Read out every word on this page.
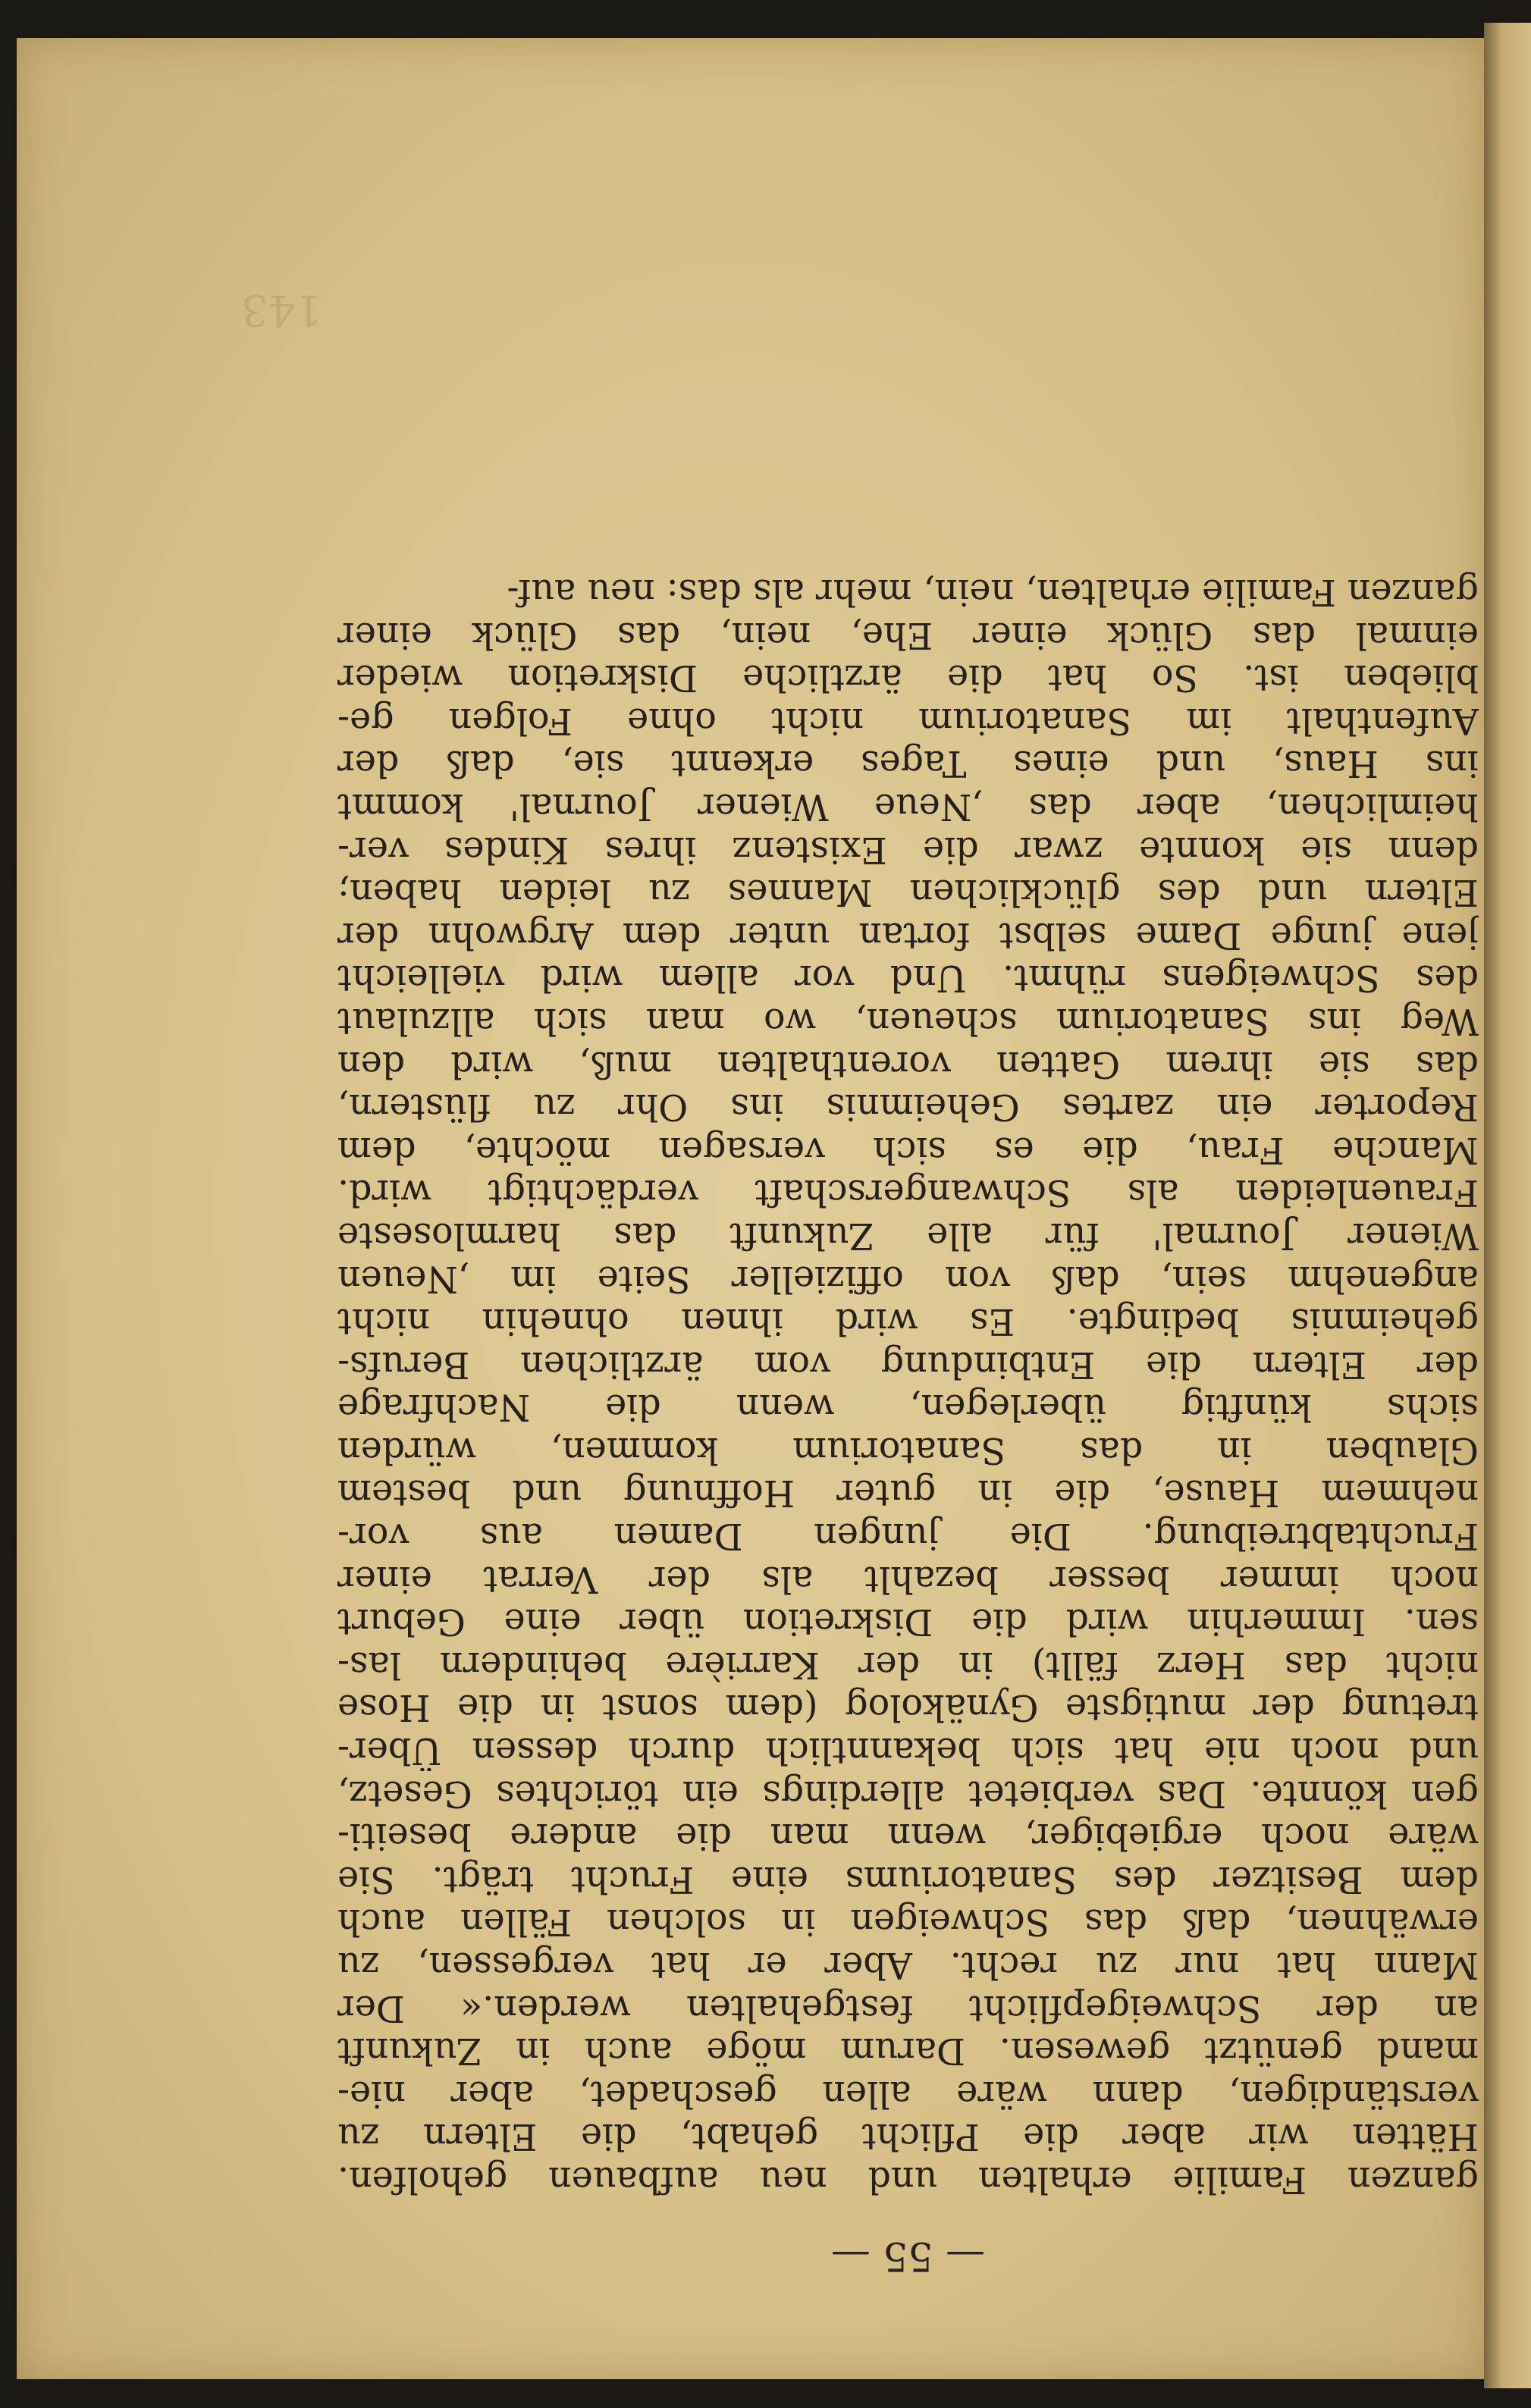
143
— 55 —
ganzen Familie erhalten und neu aufbauen geholfen.
Hätten wir aber die Pflicht gehabt, die Eltern zu
verständigen, dann wäre allen geschadet, aber nie-
mand genützt gewesen. Darum möge auch in Zukunft
an der Schweigepflicht festgehalten werden.« Der
Mann hat nur zu recht. Aber er hat vergessen, zu
erwähnen, daß das Schweigen in solchen Fällen auch
dem Besitzer des Sanatoriums eine Frucht trägt. Sie
wäre noch ergiebiger, wenn man die andere beseiti-
gen könnte. Das verbietet allerdings ein törichtes Gesetz,
und noch nie hat sich bekanntlich durch dessen Über-
tretung der mutigste Gynäkolog (dem sonst in die Hose
nicht das Herz fällt) in der Karrière behindern las-
sen. Immerhin wird die Diskretion über eine Geburt
noch immer besser bezahlt als der Verrat einer
Fruchtabtreibung. Die jungen Damen aus vor-
nehmem Hause, die in guter Hoffnung und bestem
Glauben in das Sanatorium kommen, würden
sichs künftig überlegen, wenn die Nachfrage
der Eltern die Entbindung vom ärztlichen Berufs-
geheimnis bedingte. Es wird ihnen ohnehin nicht
angenehm sein, daß von offizieller Seite im ‚Neuen
Wiener Journal' für alle Zukunft das harmloseste
Frauenleiden als Schwangerschaft verdächtigt wird.
Manche Frau, die es sich versagen möchte, dem
Reporter ein zartes Geheimnis ins Ohr zu flüstern,
das sie ihrem Gatten vorenthalten muß, wird den
Weg ins Sanatorium scheuen, wo man sich allzulaut
des Schweigens rühmt. Und vor allem wird vielleicht
jene junge Dame selbst fortan unter dem Argwohn der
Eltern und des glücklichen Mannes zu leiden haben;
denn sie konnte zwar die Existenz ihres Kindes ver-
heimlichen, aber das ‚Neue Wiener Journal' kommt
ins Haus, und eines Tages erkennt sie, daß der
Aufenthalt im Sanatorium nicht ohne Folgen ge-
blieben ist. So hat die ärztliche Diskretion wieder
einmal das Glück einer Ehe, nein, das Glück einer
ganzen Familie erhalten, nein, mehr als das: neu auf-
